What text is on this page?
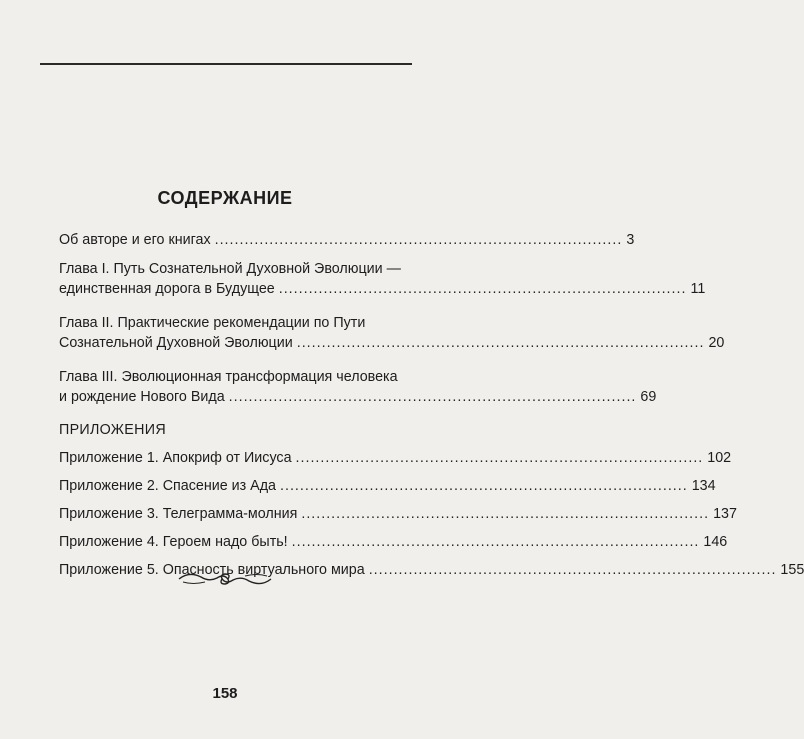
СОДЕРЖАНИЕ
Об авторе и его книгах .................................................................................. 3
Глава I. Путь Сознательной Духовной Эволюции —
единственная дорога в Будущее .................................................................................. 11
Глава II. Практические рекомендации по Пути
Сознательной Духовной Эволюции .................................................................................. 20
Глава III. Эволюционная трансформация человека
и рождение Нового Вида .................................................................................. 69
ПРИЛОЖЕНИЯ
Приложение 1. Апокриф от Иисуса .................................................................................. 102
Приложение 2. Спасение из Ада .................................................................................. 134
Приложение 3. Телеграмма-молния .................................................................................. 137
Приложение 4. Героем надо быть! .................................................................................. 146
Приложение 5. Опасность виртуального мира .................................................................................. 155
158
